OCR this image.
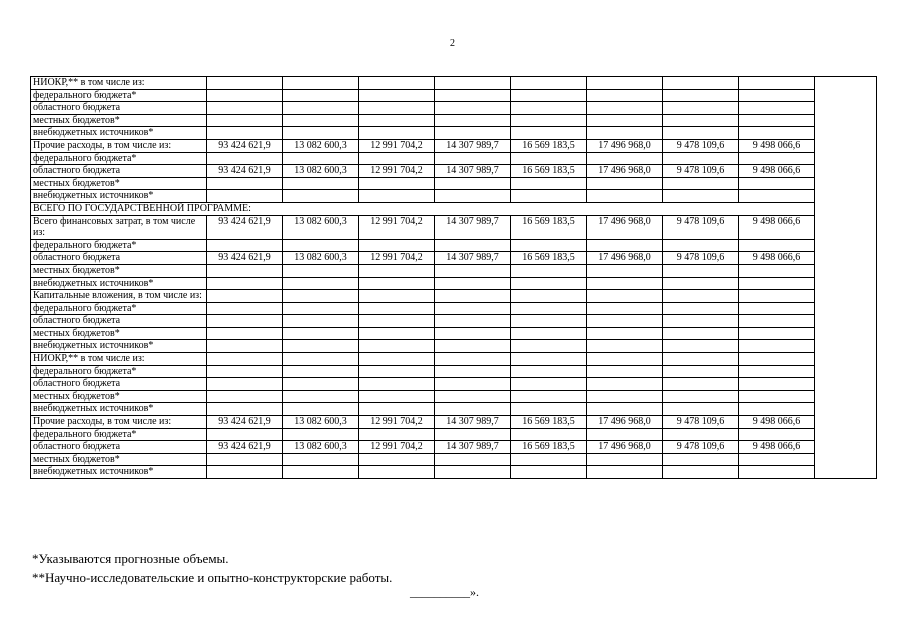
2
НИОКР,** в том числе из:									
федерального бюджета*									
областного бюджета									
местных бюджетов*									
внебюджетных источников*									
Прочие расходы, в том числе из:	93 424 621,9	13 082 600,3	12 991 704,2	14 307 989,7	16 569 183,5	17 496 968,0	9 478 109,6	9 498 066,6	
федерального бюджета*									
областного бюджета	93 424 621,9	13 082 600,3	12 991 704,2	14 307 989,7	16 569 183,5	17 496 968,0	9 478 109,6	9 498 066,6	
местных бюджетов*									
внебюджетных источников*									
ВСЕГО ПО ГОСУДАРСТВЕННОЙ ПРОГРАММЕ:									
Всего финансовых затрат, в том числе из:	93 424 621,9	13 082 600,3	12 991 704,2	14 307 989,7	16 569 183,5	17 496 968,0	9 478 109,6	9 498 066,6	
федерального бюджета*									
областного бюджета	93 424 621,9	13 082 600,3	12 991 704,2	14 307 989,7	16 569 183,5	17 496 968,0	9 478 109,6	9 498 066,6	
местных бюджетов*									
внебюджетных источников*									
Капитальные вложения, в том числе из:									
федерального бюджета*									
областного бюджета									
местных бюджетов*									
внебюджетных источников*									
НИОКР,** в том числе из:									
федерального бюджета*									
областного бюджета									
местных бюджетов*									
внебюджетных источников*									
Прочие расходы, в том числе из:	93 424 621,9	13 082 600,3	12 991 704,2	14 307 989,7	16 569 183,5	17 496 968,0	9 478 109,6	9 498 066,6	
федерального бюджета*									
областного бюджета	93 424 621,9	13 082 600,3	12 991 704,2	14 307 989,7	16 569 183,5	17 496 968,0	9 478 109,6	9 498 066,6	
местных бюджетов*									
внебюджетных источников*									
*Указываются прогнозные объемы.
**Научно-исследовательские и опытно-конструкторские работы.
__________».
